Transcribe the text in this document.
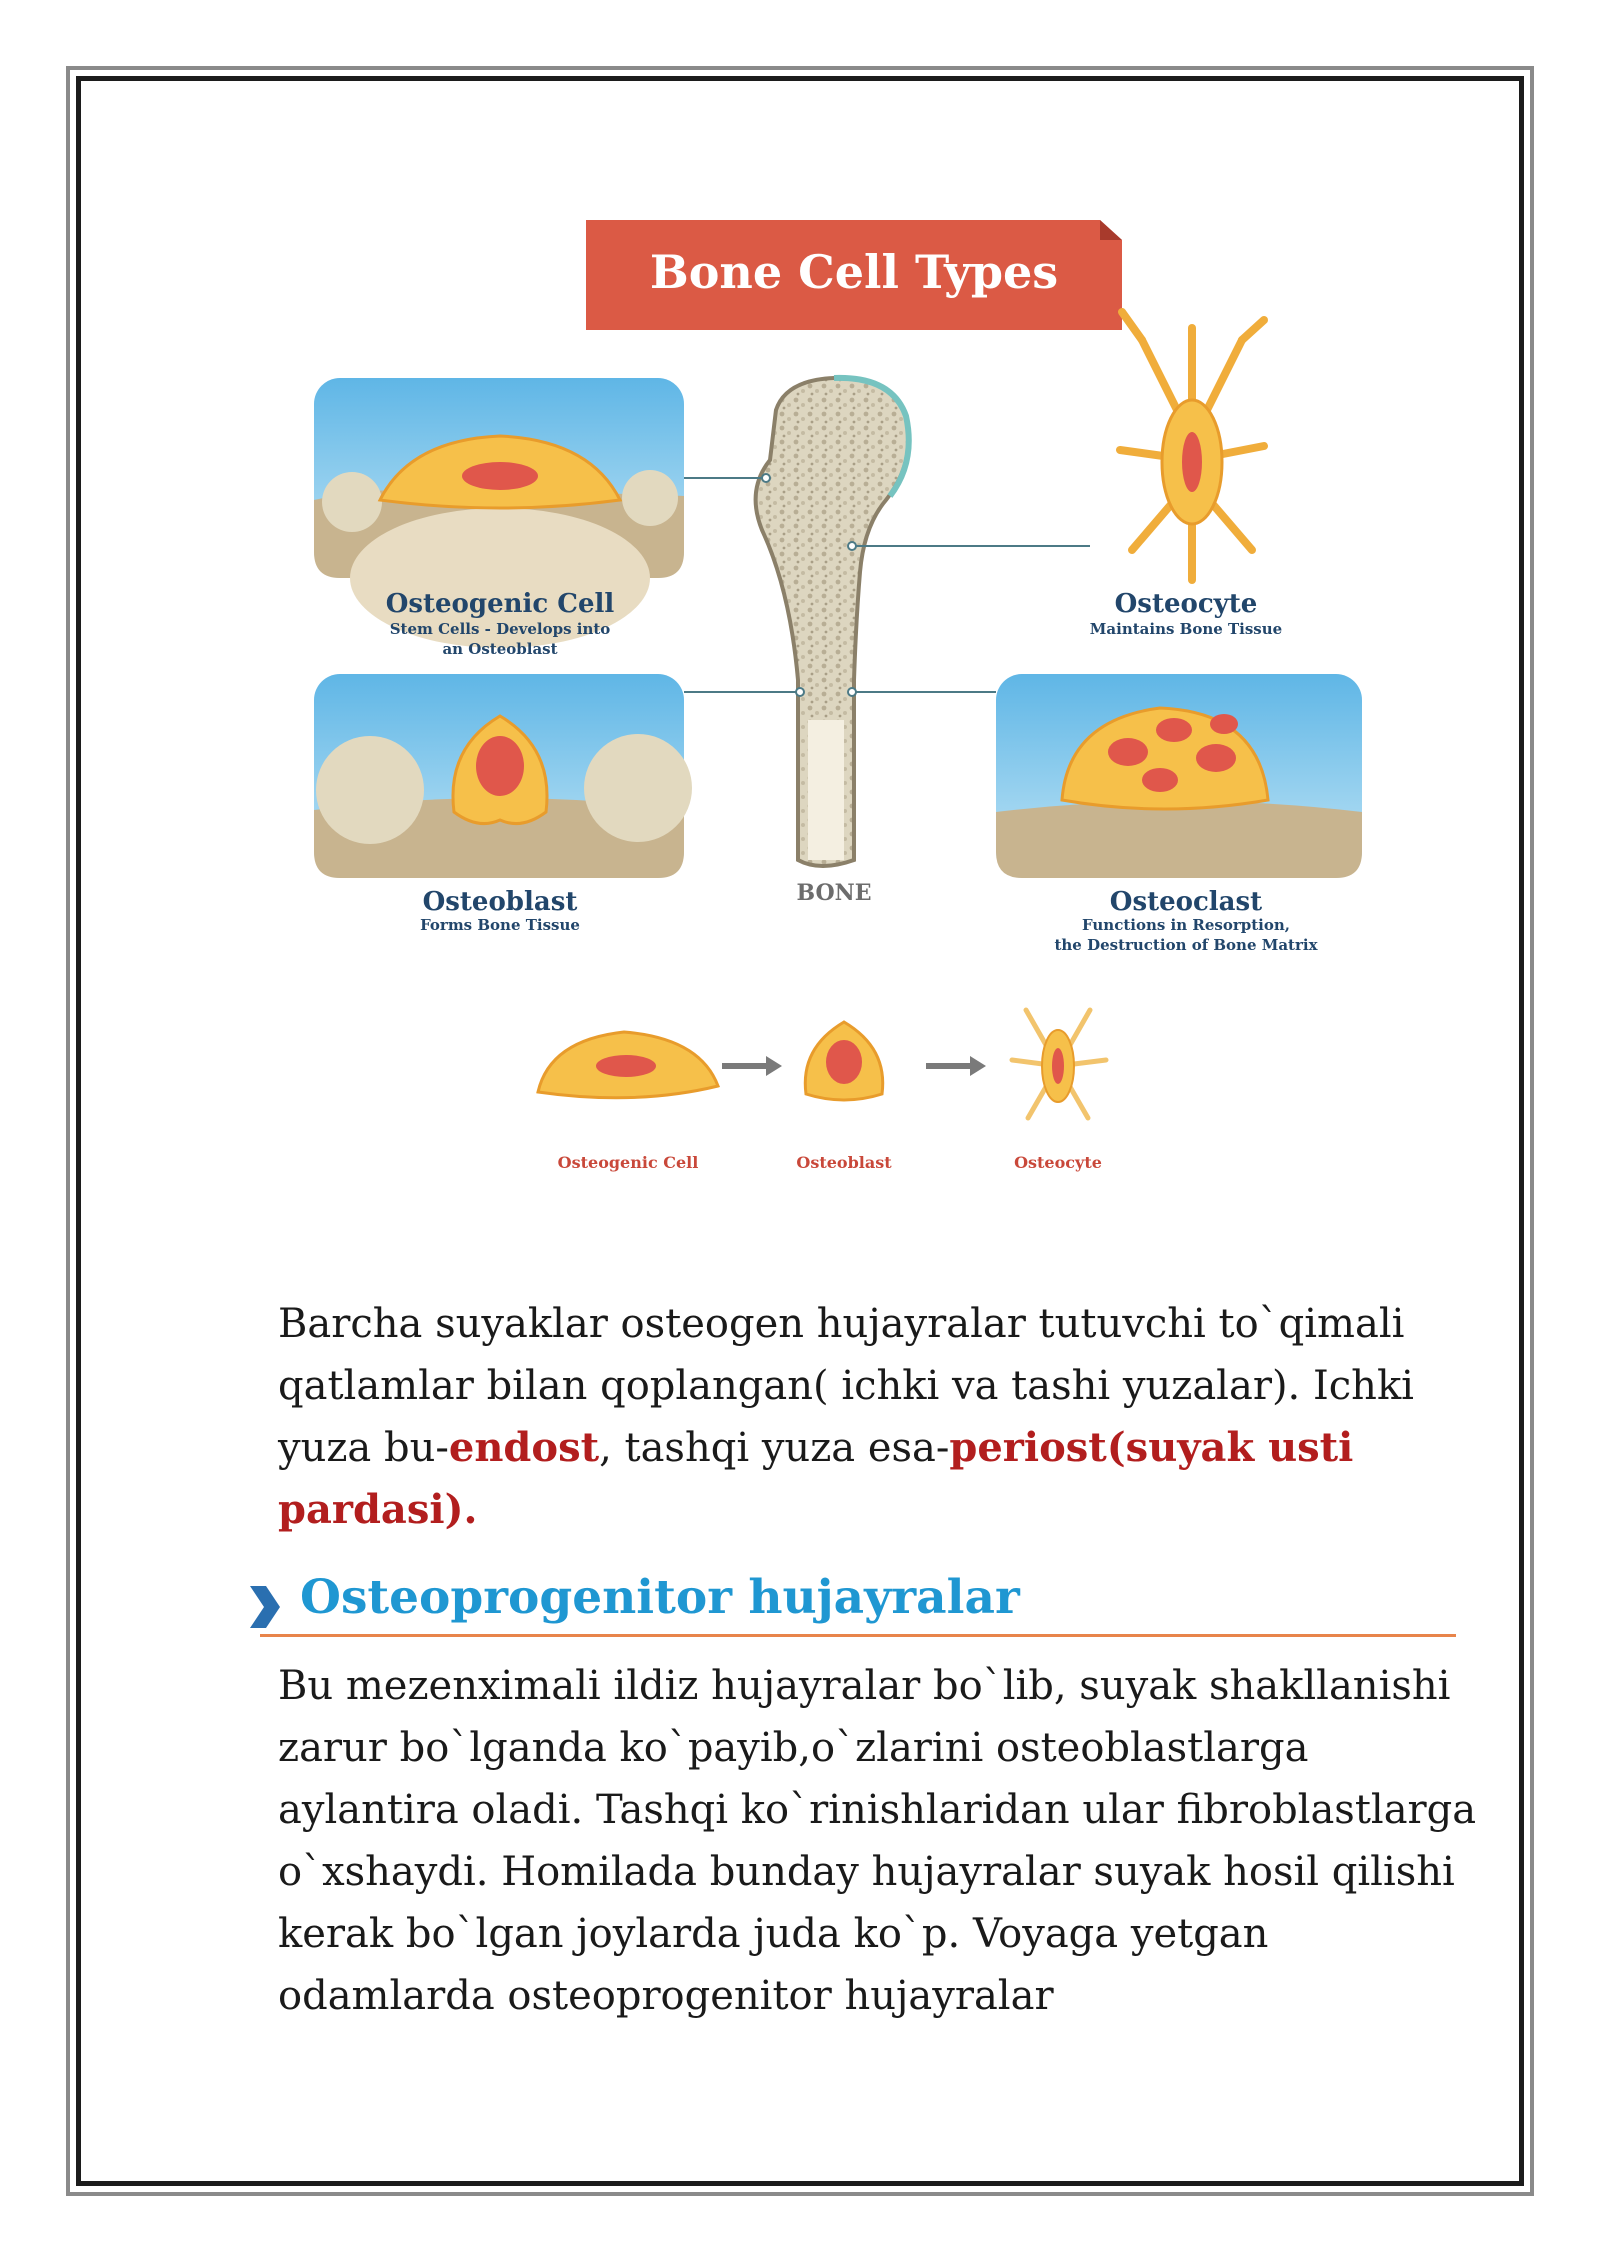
Bone Cell Types
BONE
Osteogenic Cell
Stem Cells - Develops into
an Osteoblast
Osteocyte
Maintains Bone Tissue
Osteoblast
Forms Bone Tissue
Osteoclast
Functions in Resorption,
the Destruction of Bone Matrix
Osteogenic Cell	Osteoblast	Osteocyte

Barcha suyaklar osteogen hujayralar tutuvchi to`qimali qatlamlar bilan qoplangan( ichki va tashi yuzalar). Ichki yuza bu-endost, tashqi yuza esa-periost(suyak usti pardasi).

Osteoprogenitor hujayralar

Bu mezenximali ildiz hujayralar bo`lib, suyak shakllanishi zarur bo`lganda ko`payib,o`zlarini osteoblastlarga aylantira oladi. Tashqi ko`rinishlaridan ular fibroblastlarga o`xshaydi. Homilada bunday hujayralar suyak hosil qilishi kerak bo`lgan joylarda juda ko`p. Voyaga yetgan odamlarda osteoprogenitor hujayralar
